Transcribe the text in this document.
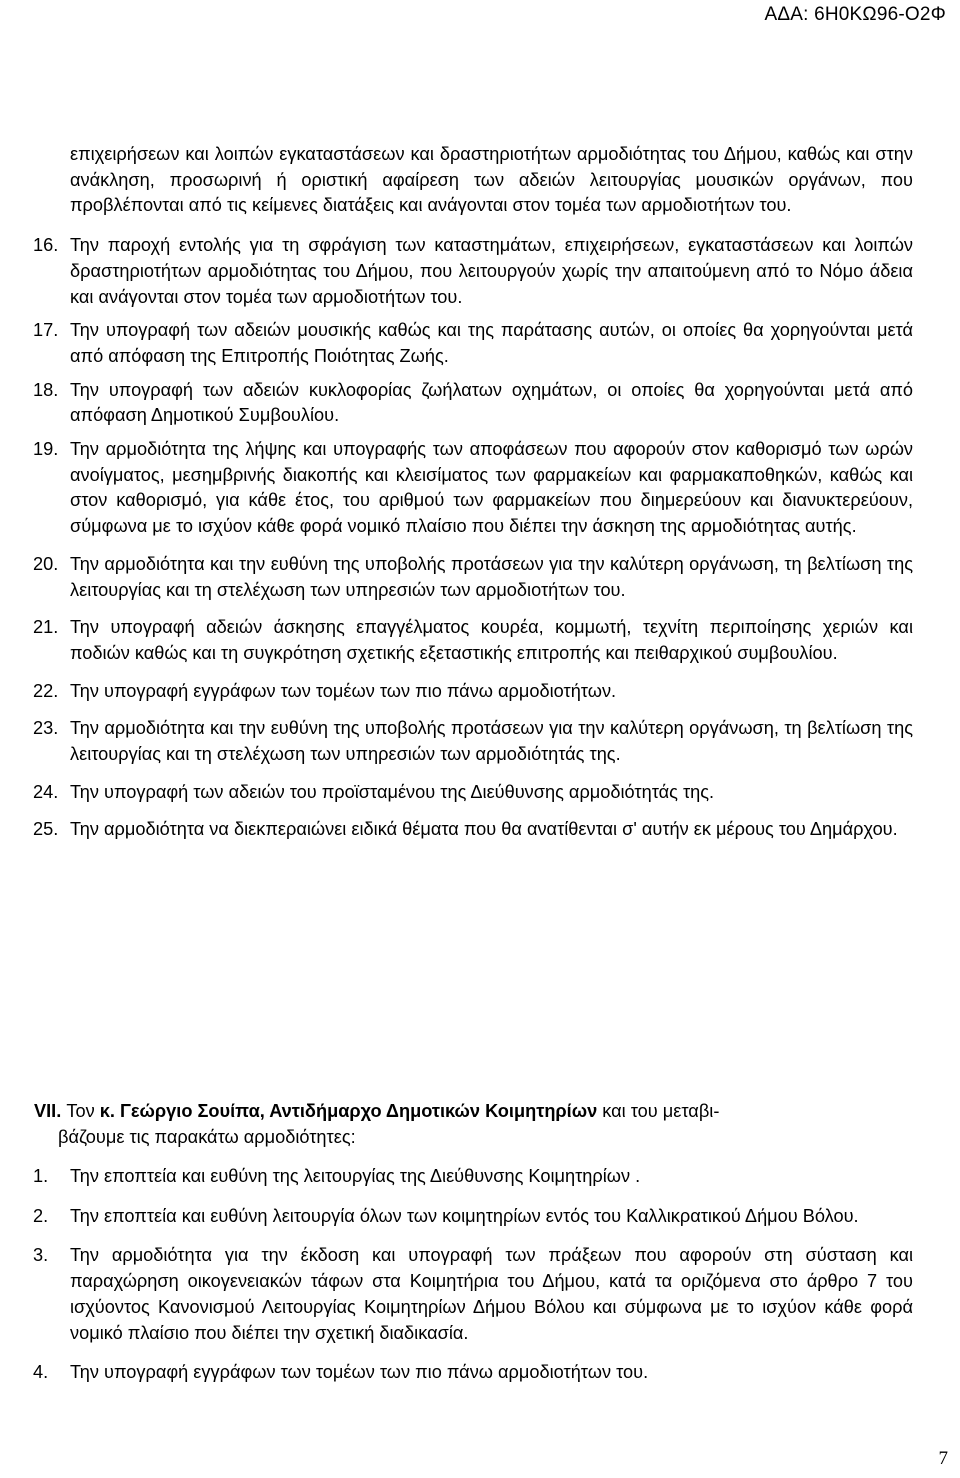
ΑΔΑ: 6Η0ΚΩ96-Ο2Φ

επιχειρήσεων και λοιπών εγκαταστάσεων και δραστηριοτήτων αρμοδιότητας του Δήμου, καθώς και στην ανάκληση, προσωρινή ή οριστική αφαίρεση των αδειών λειτουργίας μουσικών οργάνων, που προβλέπονται από τις κείμενες διατάξεις και ανάγονται στον τομέα των αρμοδιοτήτων του.

16. Την παροχή εντολής για τη σφράγιση των καταστημάτων, επιχειρήσεων, εγκαταστάσεων και λοιπών δραστηριοτήτων αρμοδιότητας του Δήμου, που λειτουργούν χωρίς την απαιτούμενη από το Νόμο άδεια και ανάγονται στον τομέα των αρμοδιοτήτων του.
17. Την υπογραφή των αδειών μουσικής καθώς και της παράτασης αυτών, οι οποίες θα χορηγούνται μετά από απόφαση της Επιτροπής Ποιότητας Ζωής.
18. Την υπογραφή των αδειών κυκλοφορίας ζωήλατων οχημάτων, οι οποίες θα χορηγούνται μετά από απόφαση Δημοτικού Συμβουλίου.
19. Την αρμοδιότητα της λήψης και υπογραφής των αποφάσεων που αφορούν στον καθορισμό των ωρών ανοίγματος, μεσημβρινής διακοπής και κλεισίματος των φαρμακείων και φαρμακαποθηκών, καθώς και στον καθορισμό, για κάθε έτος, του αριθμού των φαρμακείων που διημερεύουν και διανυκτερεύουν, σύμφωνα με το ισχύον κάθε φορά νομικό πλαίσιο που διέπει την άσκηση της αρμοδιότητας αυτής.
20. Την αρμοδιότητα και την ευθύνη της υποβολής προτάσεων για την καλύτερη οργάνωση, τη βελτίωση της λειτουργίας και τη στελέχωση των υπηρεσιών των αρμοδιοτήτων του.
21. Την υπογραφή αδειών άσκησης επαγγέλματος κουρέα, κομμωτή, τεχνίτη περιποίησης χεριών και ποδιών καθώς και τη συγκρότηση σχετικής εξεταστικής επιτροπής και πειθαρχικού συμβουλίου.
22. Την υπογραφή εγγράφων των τομέων των πιο πάνω αρμοδιοτήτων.
23. Την αρμοδιότητα και την ευθύνη της υποβολής προτάσεων για την καλύτερη οργάνωση, τη βελτίωση της λειτουργίας και τη στελέχωση των υπηρεσιών των αρμοδιότητάς της.
24. Την υπογραφή των αδειών του προϊσταμένου της Διεύθυνσης αρμοδιότητάς της.
25. Την αρμοδιότητα να διεκπεραιώνει ειδικά θέματα που θα ανατίθενται σ' αυτήν εκ μέρους του Δημάρχου.
VII. Τον κ. Γεώργιο Σουίπα, Αντιδήμαρχο Δημοτικών Κοιμητηρίων και του μεταβι-
βάζουμε τις παρακάτω αρμοδιότητες:
1.	Την εποπτεία και ευθύνη της λειτουργίας της Διεύθυνσης Κοιμητηρίων .
2.	Την εποπτεία και ευθύνη λειτουργία όλων των κοιμητηρίων εντός του Καλλικρατικού Δήμου Βόλου.
3.	Την αρμοδιότητα για την έκδοση και υπογραφή των πράξεων που αφορούν στη σύσταση και παραχώρηση οικογενειακών τάφων στα Κοιμητήρια του Δήμου, κατά τα οριζόμενα στο άρθρο 7 του ισχύοντος Κανονισμού Λειτουργίας Κοιμητηρίων Δήμου Βόλου και σύμφωνα με το ισχύον κάθε φορά νομικό πλαίσιο που διέπει την σχετική διαδικασία.
4.	Την υπογραφή εγγράφων των τομέων των πιο πάνω αρμοδιοτήτων του.
7
